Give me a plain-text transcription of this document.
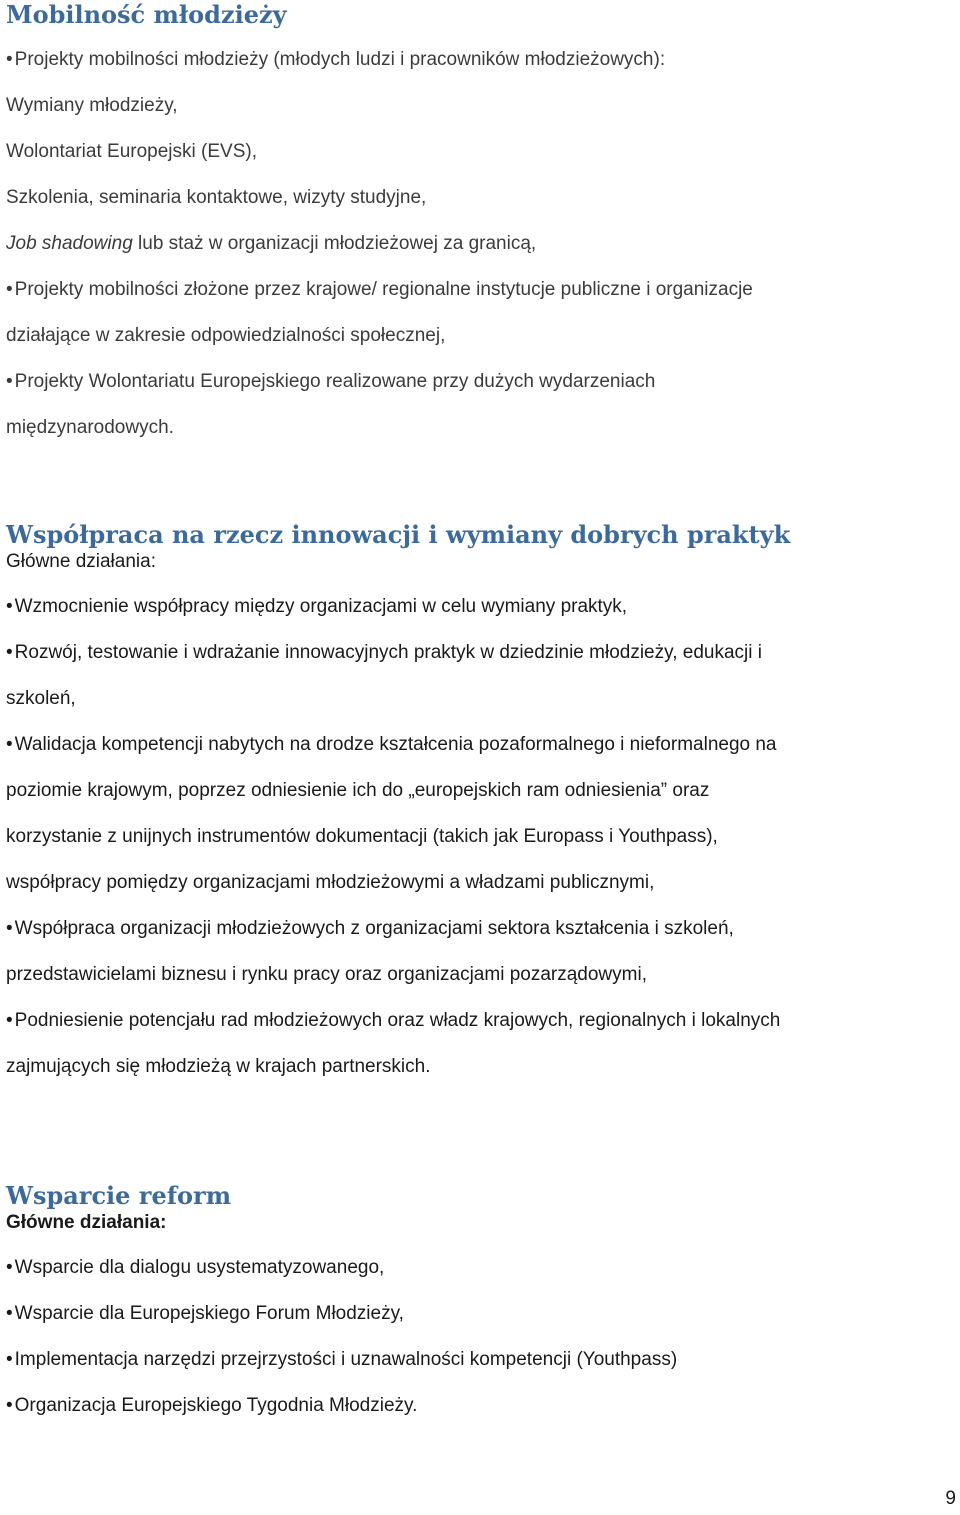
Mobilność młodzieży

• Projekty mobilności młodzieży (młodych ludzi i pracowników młodzieżowych):

Wymiany młodzieży,

Wolontariat Europejski (EVS),

Szkolenia, seminaria kontaktowe, wizyty studyjne,

Job shadowing lub staż w organizacji młodzieżowej za granicą,

• Projekty mobilności złożone przez krajowe/ regionalne instytucje publiczne i organizacje

działające w zakresie odpowiedzialności społecznej,

• Projekty Wolontariatu Europejskiego realizowane przy dużych wydarzeniach

międzynarodowych.

Współpraca na rzecz innowacji i wymiany dobrych praktyk

Główne działania:

• Wzmocnienie współpracy między organizacjami w celu wymiany praktyk,

• Rozwój, testowanie i wdrażanie innowacyjnych praktyk w dziedzinie młodzieży, edukacji i

szkoleń,

• Walidacja kompetencji nabytych na drodze kształcenia pozaformalnego i nieformalnego na

poziomie krajowym, poprzez odniesienie ich do „europejskich ram odniesienia” oraz

korzystanie z unijnych instrumentów dokumentacji (takich jak Europass i Youthpass),

współpracy pomiędzy organizacjami młodzieżowymi a władzami publicznymi,

• Współpraca organizacji młodzieżowych z organizacjami sektora kształcenia i szkoleń,

przedstawicielami biznesu i rynku pracy oraz organizacjami pozarządowymi,

• Podniesienie potencjału rad młodzieżowych oraz władz krajowych, regionalnych i lokalnych

zajmujących się młodzieżą w krajach partnerskich.

Wsparcie reform

Główne działania:

• Wsparcie dla dialogu usystematyzowanego,

• Wsparcie dla Europejskiego Forum Młodzieży,

• Implementacja narzędzi przejrzystości i uznawalności kompetencji (Youthpass)

• Organizacja Europejskiego Tygodnia Młodzieży.

9
